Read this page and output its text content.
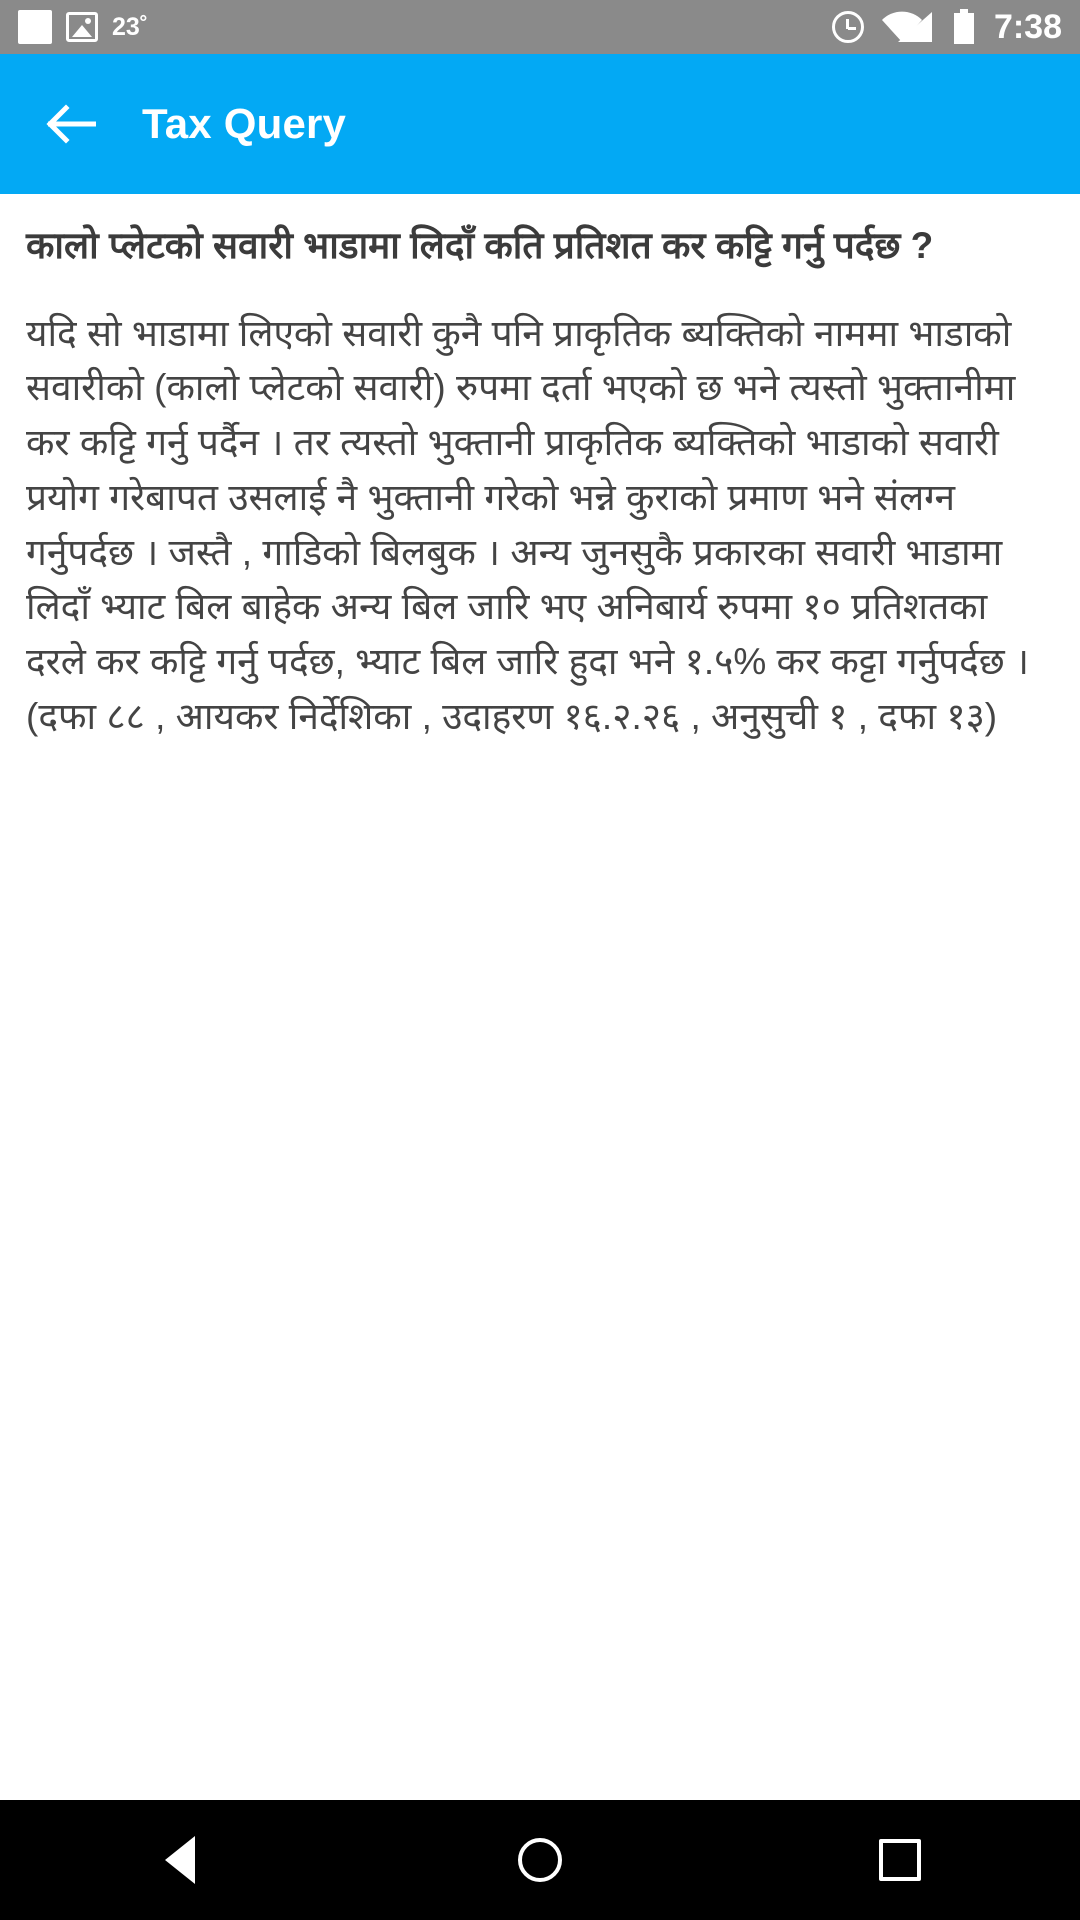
23˚	7:38
Tax Query

कालो प्लेटको सवारी भाडामा लिदाँ कति प्रतिशत कर कट्टि गर्नु पर्दछ ?

यदि सो भाडामा लिएको सवारी कुनै पनि प्राकृतिक ब्यक्तिको नाममा भाडाको सवारीको (कालो प्लेटको सवारी) रुपमा दर्ता भएको छ भने त्यस्तो भुक्तानीमा कर कट्टि गर्नु पर्दैन । तर त्यस्तो भुक्तानी प्राकृतिक ब्यक्तिको भाडाको सवारी प्रयोग गरेबापत उसलाई नै भुक्तानी गरेको भन्ने कुराको प्रमाण भने संलग्न गर्नुपर्दछ । जस्तै , गाडिको बिलबुक । अन्य जुनसुकै प्रकारका सवारी भाडामा लिदाँ भ्याट बिल बाहेक अन्य बिल जारि भए अनिबार्य रुपमा १० प्रतिशतका दरले कर कट्टि गर्नु पर्दछ, भ्याट बिल जारि हुदा भने १.५% कर कट्टा गर्नुपर्दछ । (दफा ८८ , आयकर निर्देशिका , उदाहरण १६.२.२६ , अनुसुची १ , दफा १३)
